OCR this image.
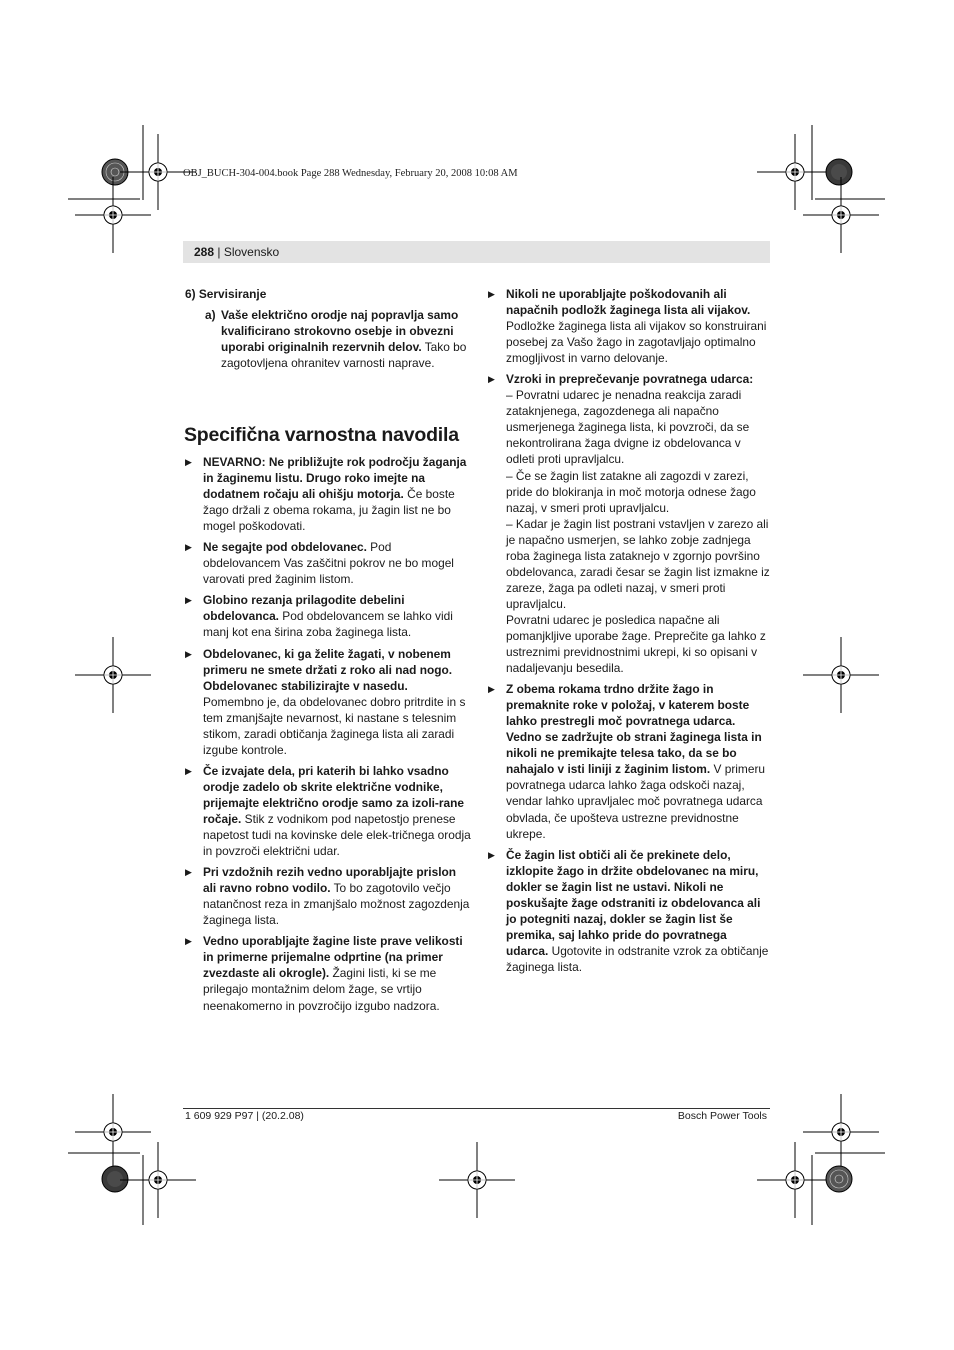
OBJ_BUCH-304-004.book Page 288 Wednesday, February 20, 2008 10:08 AM
288 | Slovensko

6) Servisiranje

a) Vaše električno orodje naj popravlja samo kvalificirano strokovno osebje in obvezni uporabi originalnih rezervnih delov. Tako bo zagotovljena ohranitev varnosti naprave.

Specifična varnostna navodila

▶ NEVARNO: Ne približujte rok področju žaganja in žaginemu listu. Drugo roko imejte na dodatnem ročaju ali ohišju motorja. Če boste žago držali z obema rokama, ju žagin list ne bo mogel poškodovati.

▶ Ne segajte pod obdelovanec. Pod obdelovancem Vas zaščitni pokrov ne bo mogel varovati pred žaginim listom.

▶ Globino rezanja prilagodite debelini obdelovanca. Pod obdelovancem se lahko vidi manj kot ena širina zoba žaginega lista.

▶ Obdelovanec, ki ga želite žagati, v nobenem primeru ne smete držati z roko ali nad nogo. Obdelovanec stabilizirajte v nasedu. Pomembno je, da obdelovanec dobro pritrdite in s tem zmanjšajte nevarnost, ki nastane s telesnim stikom, zaradi obtičanja žaginega lista ali zaradi izgube kontrole.

▶ Če izvajate dela, pri katerih bi lahko vsadno orodje zadelo ob skrite električne vodnike, prijemajte električno orodje samo za izoli-rane ročaje. Stik z vodnikom pod napetostjo prenese napetost tudi na kovinske dele elek-tričnega orodja in povzroči električni udar.

▶ Pri vzdožnih rezih vedno uporabljajte prislon ali ravno robno vodilo. To bo zagotovilo večjo natančnost reza in zmanjšalo možnost zagozdenja žaginega lista.

▶ Vedno uporabljajte žagine liste prave velikosti in primerne prijemalne odprtine (na primer zvezdaste ali okrogle). Žagini listi, ki se me prilegajo montažnim delom žage, se vrtijo neenakomerno in povzročijo izgubo nadzora.

▶ Nikoli ne uporabljajte poškodovanih ali napačnih podložk žaginega lista ali vijakov. Podložke žaginega lista ali vijakov so konstruirani posebej za Vašo žago in zagotavljajo optimalno zmogljivost in varno delovanje.

▶ Vzroki in preprečevanje povratnega udarca:

– Povratni udarec je nenadna reakcija zaradi zataknjenega, zagozdenega ali napačno usmerjenega žaginega lista, ki povzroči, da se nekontrolirana žaga dvigne iz obdelovanca v odleti proti upravljalcu.

– Če se žagin list zatakne ali zagozdi v zarezi, pride do blokiranja in moč motorja odnese žago nazaj, v smeri proti upravljalcu.

– Kadar je žagin list postrani vstavljen v zarezo ali je napačno usmerjen, se lahko zobje zadnjega roba žaginega lista zataknejo v zgornjo površino obdelovanca, zaradi česar se žagin list izmakne iz zareze, žaga pa odleti nazaj, v smeri proti upravljalcu.

Povratni udarec je posledica napačne ali pomanjkljive uporabe žage. Preprečite ga lahko z ustreznimi previdnostnimi ukrepi, ki so opisani v nadaljevanju besedila.

▶ Z obema rokama trdno držite žago in premaknite roke v položaj, v katerem boste lahko prestregli moč povratnega udarca. Vedno se zadržujte ob strani žaginega lista in nikoli ne premikajte telesa tako, da se bo nahajalo v isti liniji z žaginim listom. V primeru povratnega udarca lahko žaga odskoči nazaj, vendar lahko upravljalec moč povratnega udarca obvlada, če upošteva ustrezne previdnostne ukrepe.

▶ Če žagin list obtiči ali če prekinete delo, izklopite žago in držite obdelovanec na miru, dokler se žagin list ne ustavi. Nikoli ne poskušajte žage odstraniti iz obdelovanca ali jo potegniti nazaj, dokler se žagin list še premika, saj lahko pride do povratnega udarca. Ugotovite in odstranite vzrok za obtičanje žaginega lista.

1 609 929 P97 | (20.2.08)	Bosch Power Tools
